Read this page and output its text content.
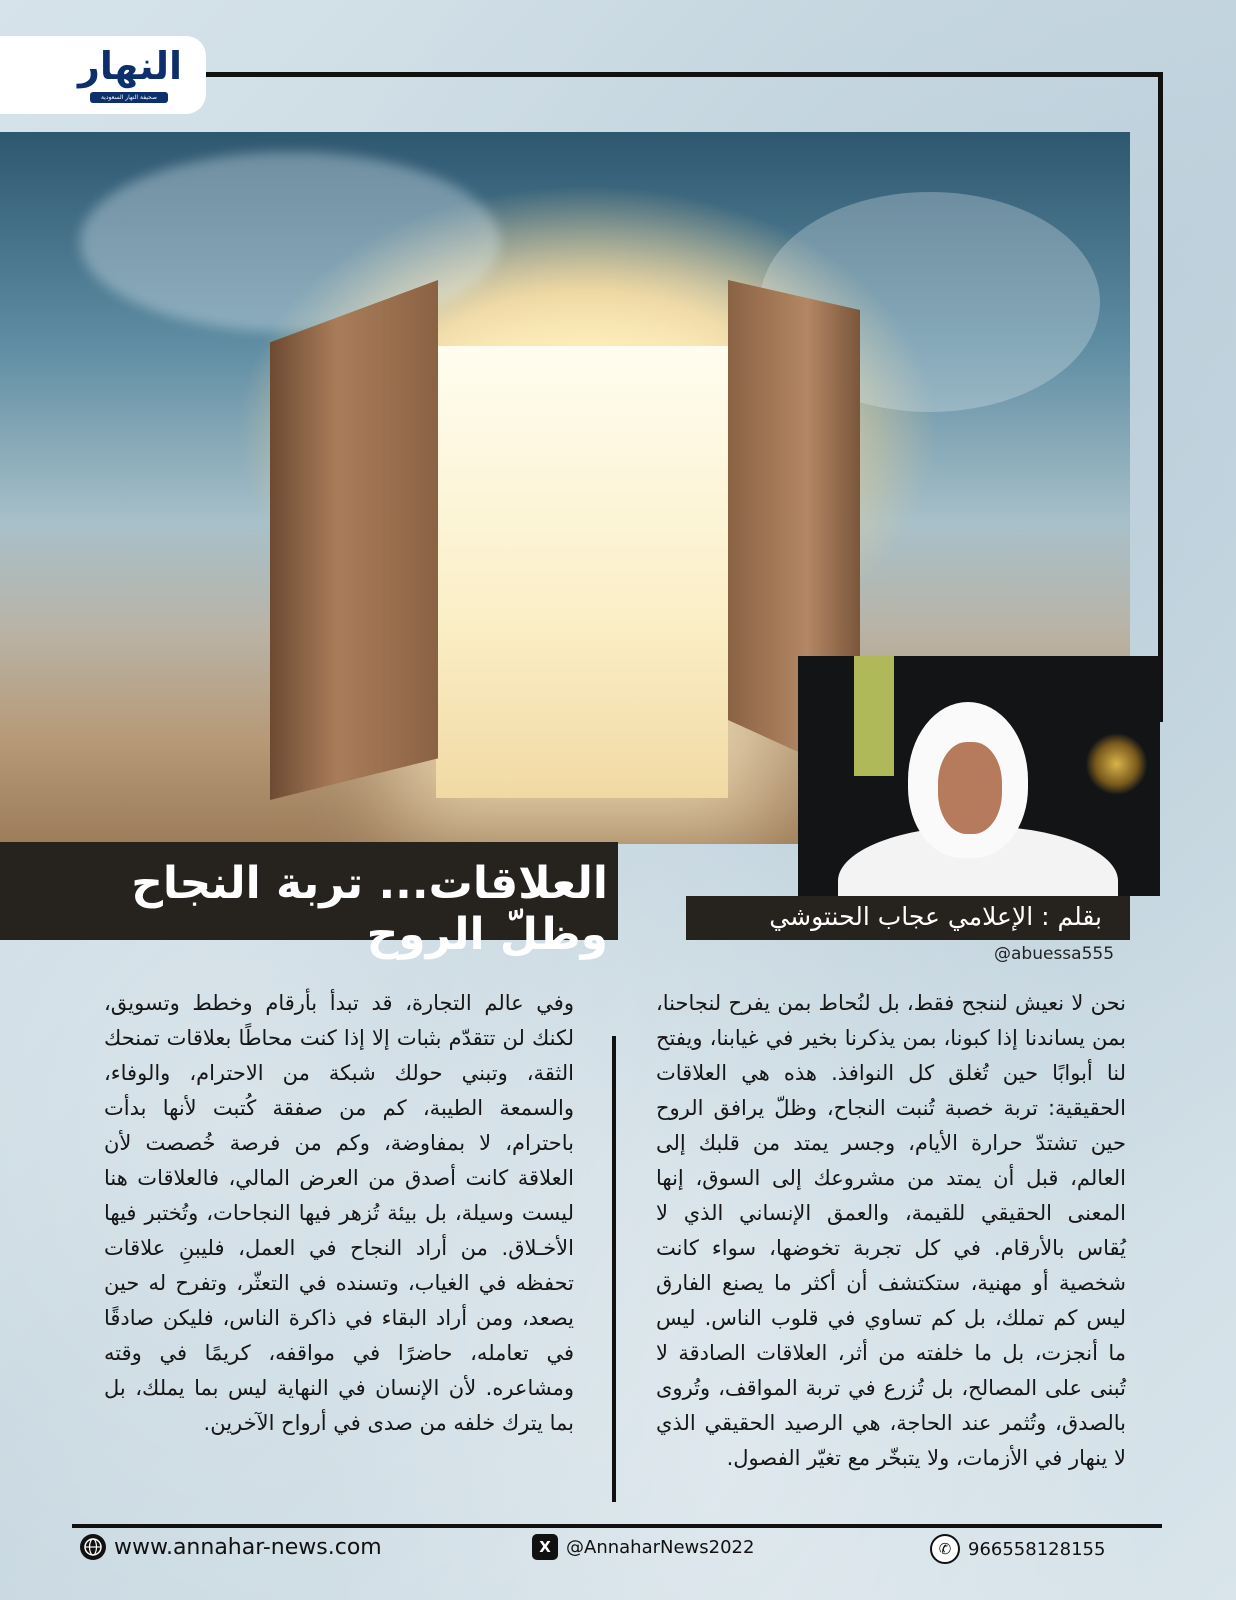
النهار
صحيفة النهار السعودية
العلاقات... تربة النجاح وظلّ الروح	بقلم : الإعلامي عجاب الحنتوشي
@abuessa555
نحن لا نعيش لننجح فقط، بل لنُحاط بمن يفرح لنجاحنا، بمن يساندنا إذا كبونا، بمن يذكرنا بخير في غيابنا، ويفتح لنا أبوابًا حين تُغلق كل النوافذ. هذه هي العلاقات الحقيقية: تربة خصبة تُنبت النجاح، وظلّ يرافق الروح حين تشتدّ حرارة الأيام، وجسر يمتد من قلبك إلى العالم، قبل أن يمتد من مشروعك إلى السوق، إنها المعنى الحقيقي للقيمة، والعمق الإنساني الذي لا يُقاس بالأرقام. في كل تجربة تخوضها، سواء كانت شخصية أو مهنية، ستكتشف أن أكثر ما يصنع الفارق ليس كم تملك، بل كم تساوي في قلوب الناس. ليس ما أنجزت، بل ما خلفته من أثر، العلاقات الصادقة لا تُبنى على المصالح، بل تُزرع في تربة المواقف، وتُروى بالصدق، وتُثمر عند الحاجة، هي الرصيد الحقيقي الذي لا ينهار في الأزمات، ولا يتبخّر مع تغيّر الفصول.
وفي عالم التجارة، قد تبدأ بأرقام وخطط وتسويق، لكنك لن تتقدّم بثبات إلا إذا كنت محاطًا بعلاقات تمنحك الثقة، وتبني حولك شبكة من الاحترام، والوفاء، والسمعة الطيبة، كم من صفقة كُتبت لأنها بدأت باحترام، لا بمفاوضة، وكم من فرصة خُصصت لأن العلاقة كانت أصدق من العرض المالي، فالعلاقات هنا ليست وسيلة، بل بيئة تُزهر فيها النجاحات، وتُختبر فيها الأخـلاق. من أراد النجاح في العمل، فليبنِ علاقات تحفظه في الغياب، وتسنده في التعثّر، وتفرح له حين يصعد، ومن أراد البقاء في ذاكرة الناس، فليكن صادقًا في تعامله، حاضرًا في مواقفه، كريمًا في وقته ومشاعره. لأن الإنسان في النهاية ليس بما يملك، بل بما يترك خلفه من صدى في أرواح الآخرين.
www.annahar-news.com	X @AnnaharNews2022	✆ 966558128155
